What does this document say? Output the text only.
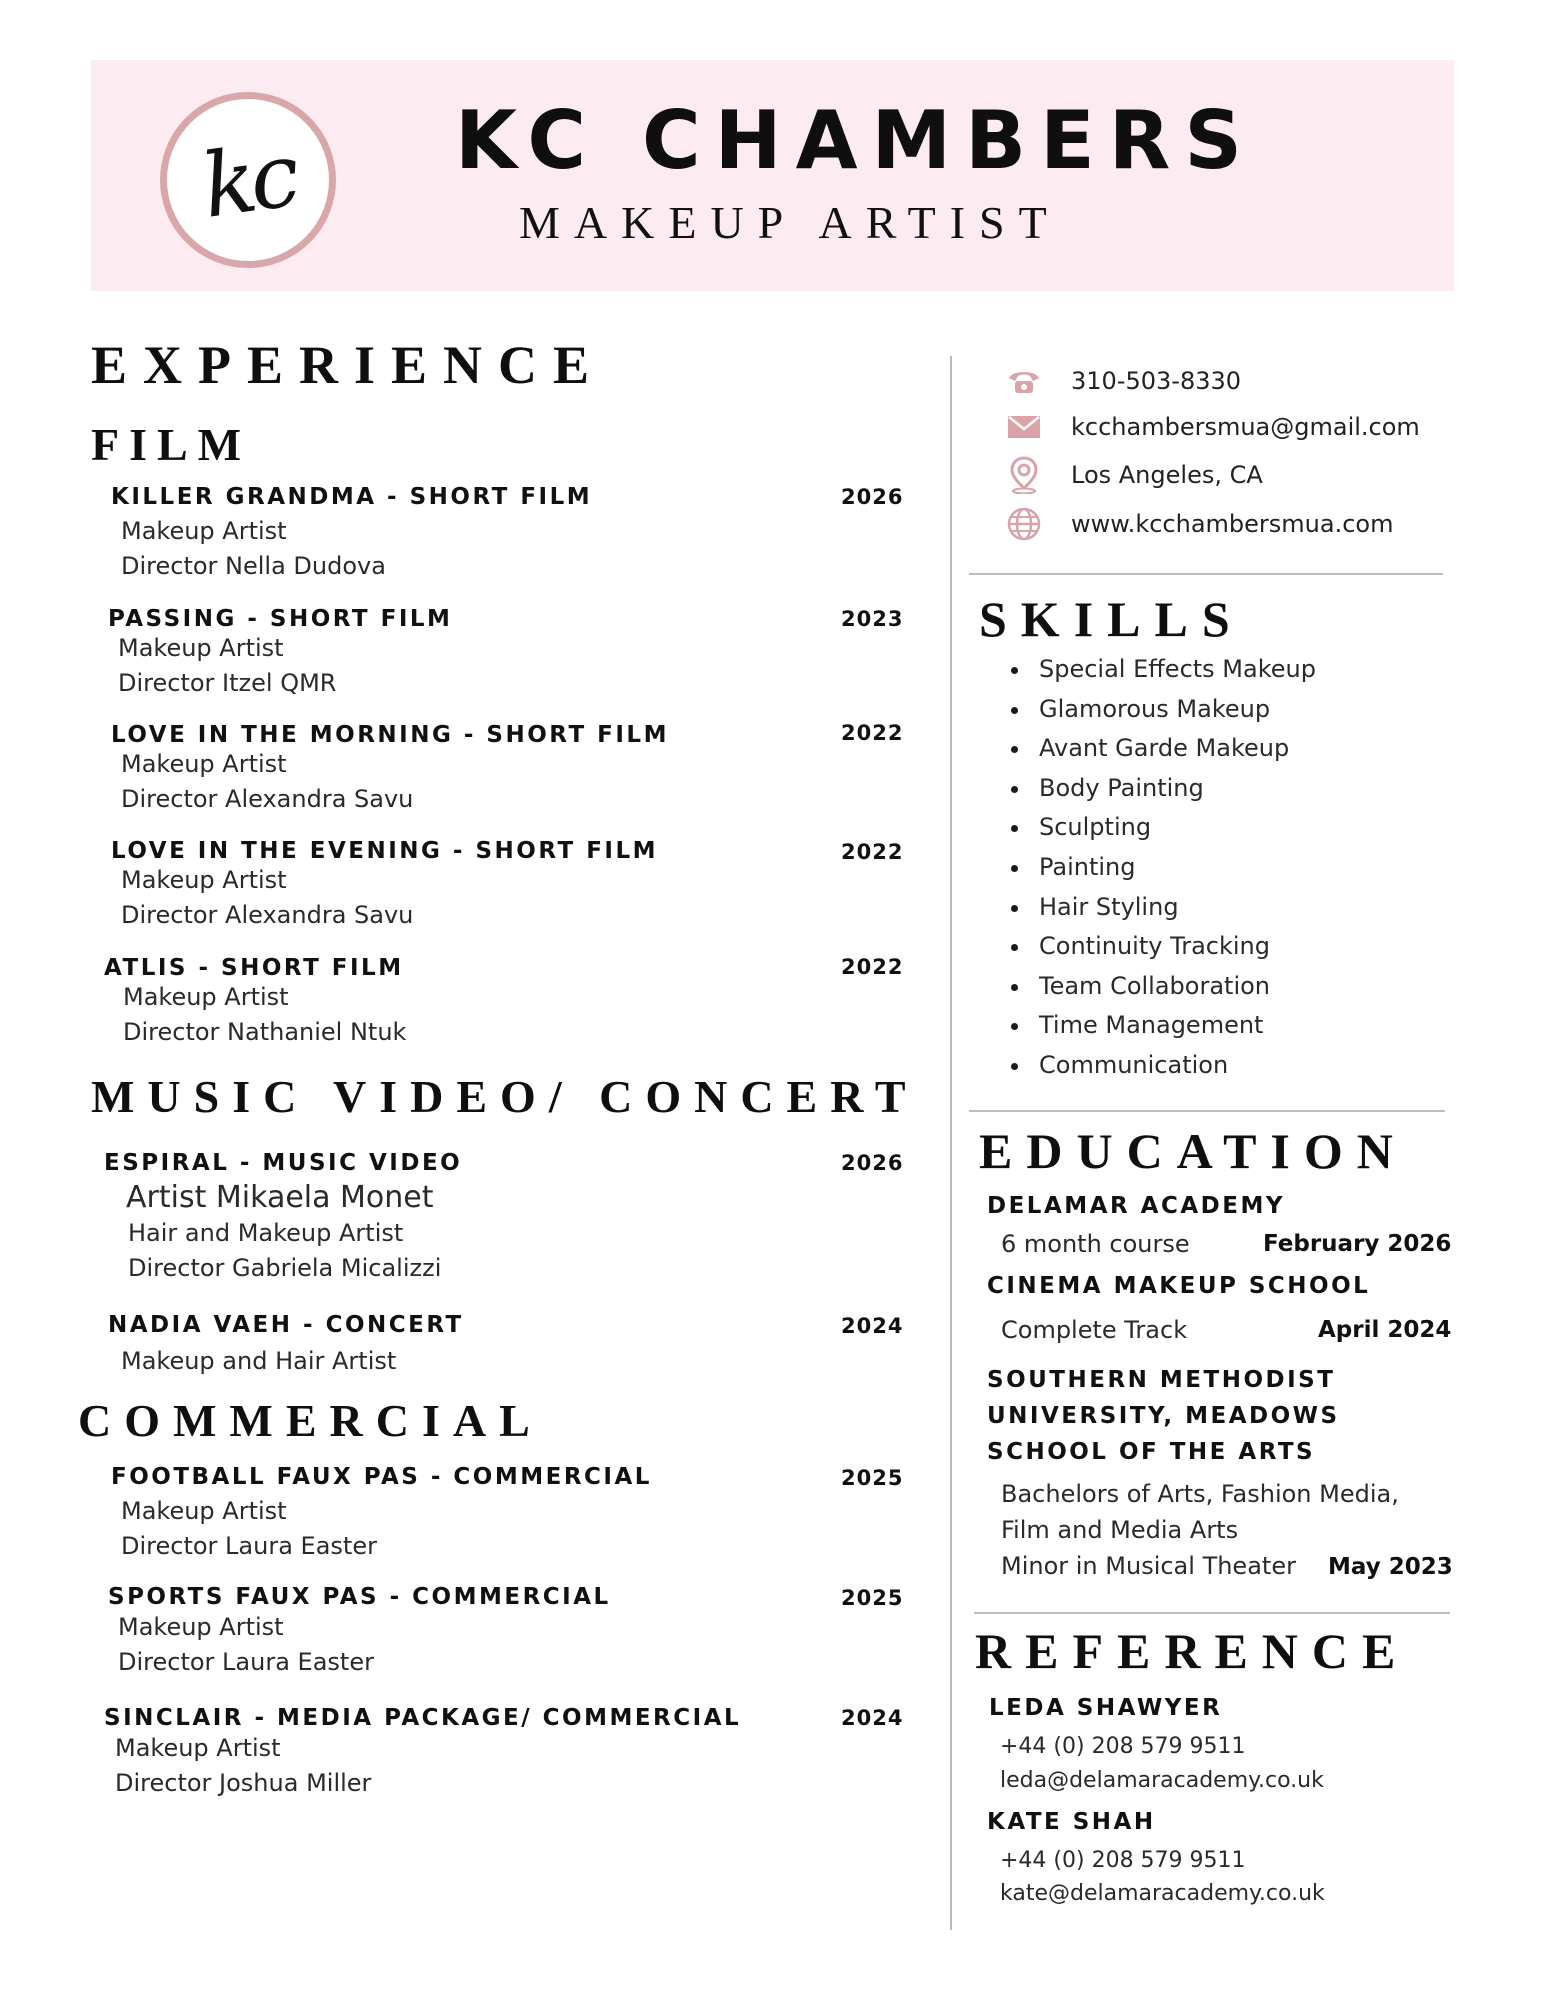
kc	KC CHAMBERS
MAKEUP ARTIST
EXPERIENCE
FILM
KILLER GRANDMA - SHORT FILM
Makeup Artist
Director Nella Dudova
2026
PASSING - SHORT FILM
Makeup Artist
Director Itzel QMR
2023
LOVE IN THE MORNING - SHORT FILM
Makeup Artist
Director Alexandra Savu
2022
LOVE IN THE EVENING - SHORT FILM
Makeup Artist
Director Alexandra Savu
2022
ATLIS - SHORT FILM
Makeup Artist
Director Nathaniel Ntuk
2022
MUSIC VIDEO/ CONCERT
ESPIRAL - MUSIC VIDEO
Artist Mikaela Monet
Hair and Makeup Artist
Director Gabriela Micalizzi
2026
NADIA VAEH - CONCERT
Makeup and Hair Artist
2024
COMMERCIAL
FOOTBALL FAUX PAS - COMMERCIAL
Makeup Artist
Director Laura Easter
2025
SPORTS FAUX PAS - COMMERCIAL
Makeup Artist
Director Laura Easter
2025
SINCLAIR - MEDIA PACKAGE/ COMMERCIAL
Makeup Artist
Director Joshua Miller
2024
310-503-8330
kcchambersmua@gmail.com
Los Angeles, CA
www.kcchambersmua.com
SKILLS
Special Effects Makeup
Glamorous Makeup
Avant Garde Makeup
Body Painting
Sculpting
Painting
Hair Styling
Continuity Tracking
Team Collaboration
Time Management
Communication
EDUCATION
DELAMAR ACADEMY
6 month course	February 2026
CINEMA MAKEUP SCHOOL
Complete Track	April 2024
SOUTHERN METHODIST
UNIVERSITY, MEADOWS
SCHOOL OF THE ARTS
Bachelors of Arts, Fashion Media,
Film and Media Arts
Minor in Musical Theater May 2023
REFERENCE
LEDA SHAWYER
+44 (0) 208 579 9511
leda@delamaracademy.co.uk
KATE SHAH
+44 (0) 208 579 9511
kate@delamaracademy.co.uk
